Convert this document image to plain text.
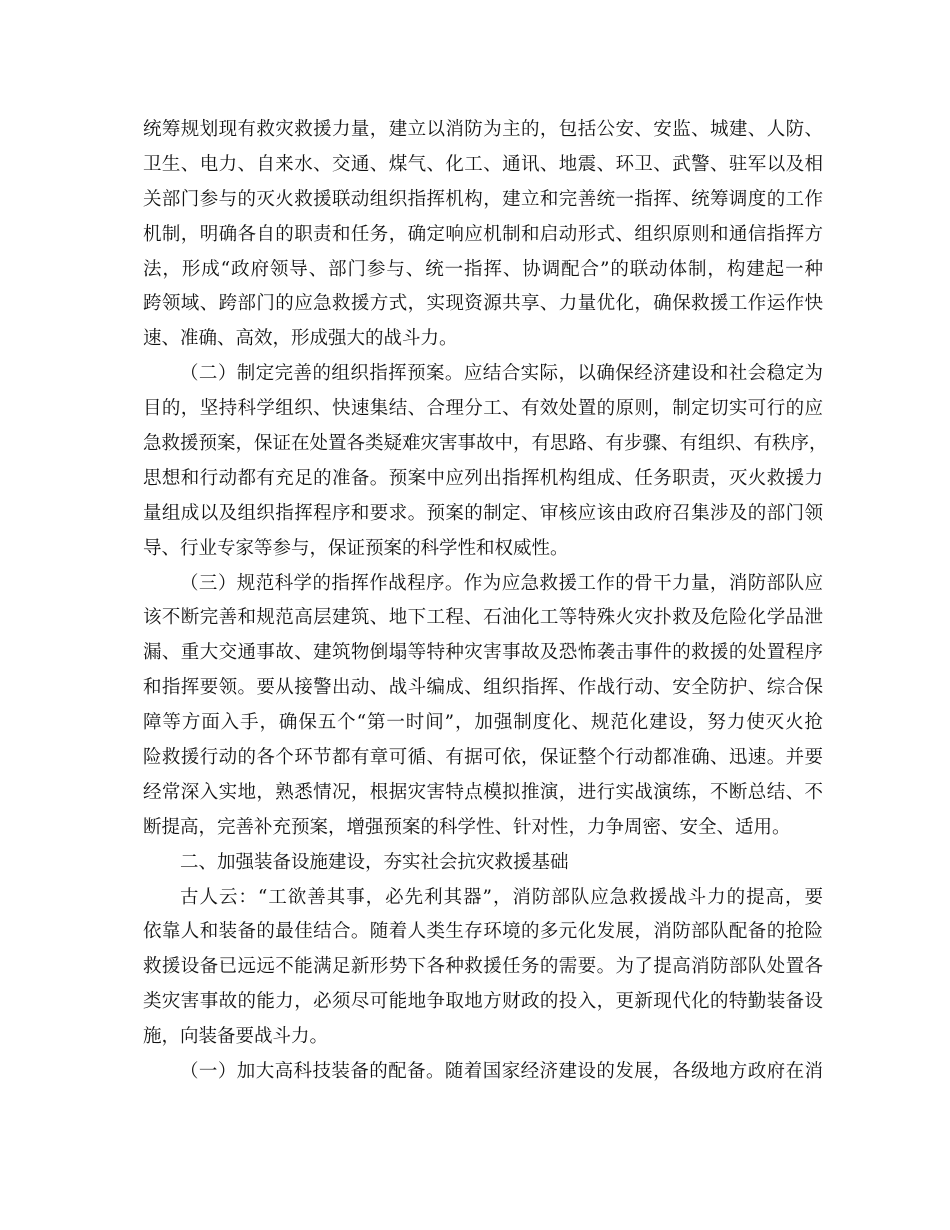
统筹规划现有救灾救援力量，建立以消防为主的，包括公安、安监、城建、人防、
卫生、电力、自来水、交通、煤气、化工、通讯、地震、环卫、武警、驻军以及相
关部门参与的灭火救援联动组织指挥机构，建立和完善统一指挥、统筹调度的工作
机制，明确各自的职责和任务，确定响应机制和启动形式、组织原则和通信指挥方
法，形成“政府领导、部门参与、统一指挥、协调配合”的联动体制，构建起一种
跨领域、跨部门的应急救援方式，实现资源共享、力量优化，确保救援工作运作快
速、准确、高效，形成强大的战斗力。
（二）制定完善的组织指挥预案。应结合实际，以确保经济建设和社会稳定为
目的，坚持科学组织、快速集结、合理分工、有效处置的原则，制定切实可行的应
急救援预案，保证在处置各类疑难灾害事故中，有思路、有步骤、有组织、有秩序，
思想和行动都有充足的准备。预案中应列出指挥机构组成、任务职责，灭火救援力
量组成以及组织指挥程序和要求。预案的制定、审核应该由政府召集涉及的部门领
导、行业专家等参与，保证预案的科学性和权威性。
（三）规范科学的指挥作战程序。作为应急救援工作的骨干力量，消防部队应
该不断完善和规范高层建筑、地下工程、石油化工等特殊火灾扑救及危险化学品泄
漏、重大交通事故、建筑物倒塌等特种灾害事故及恐怖袭击事件的救援的处置程序
和指挥要领。要从接警出动、战斗编成、组织指挥、作战行动、安全防护、综合保
障等方面入手，确保五个“第一时间”，加强制度化、规范化建设，努力使灭火抢
险救援行动的各个环节都有章可循、有据可依，保证整个行动都准确、迅速。并要
经常深入实地，熟悉情况，根据灾害特点模拟推演，进行实战演练，不断总结、不
断提高，完善补充预案，增强预案的科学性、针对性，力争周密、安全、适用。
二、加强装备设施建设，夯实社会抗灾救援基础
古人云：“工欲善其事，必先利其器”，消防部队应急救援战斗力的提高，要
依靠人和装备的最佳结合。随着人类生存环境的多元化发展，消防部队配备的抢险
救援设备已远远不能满足新形势下各种救援任务的需要。为了提高消防部队处置各
类灾害事故的能力，必须尽可能地争取地方财政的投入，更新现代化的特勤装备设
施，向装备要战斗力。
（一）加大高科技装备的配备。随着国家经济建设的发展，各级地方政府在消
